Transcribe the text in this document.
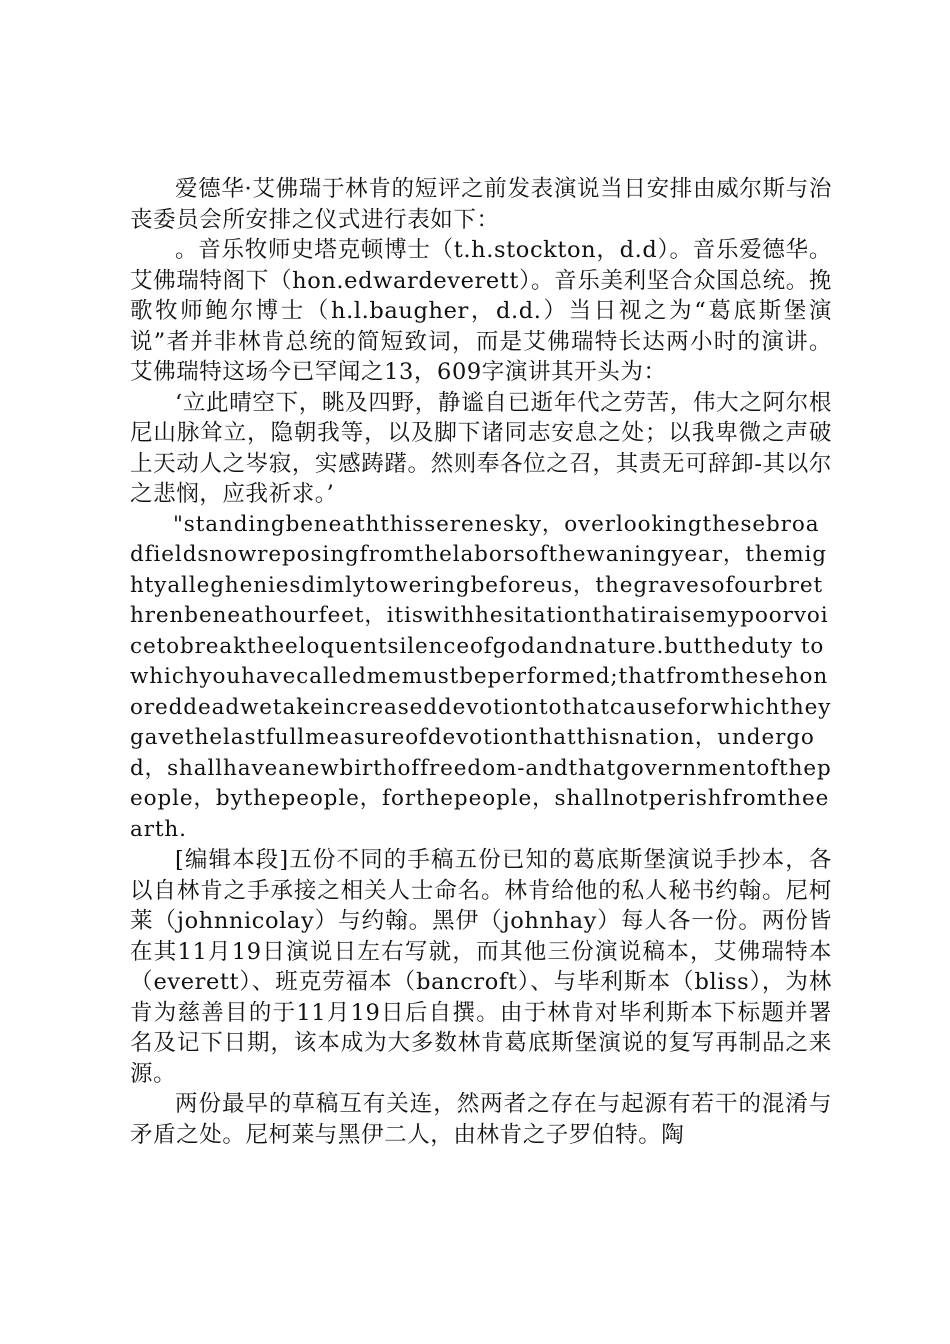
爱德华·艾佛瑞于林肯的短评之前发表演说当日安排由威尔斯与治丧委员会所安排之仪式进行表如下：

。音乐牧师史塔克顿博士（t.h.stockton，d.d）。音乐爱德华。艾佛瑞特阁下（hon.edwardeverett）。音乐美利坚合众国总统。挽歌牧师鲍尔博士（h.l.baugher，d.d.）当日视之为“葛底斯堡演说”者并非林肯总统的简短致词，而是艾佛瑞特长达两小时的演讲。艾佛瑞特这场今已罕闻之13，609字演讲其开头为：

‘立此晴空下，眺及四野，静谧自已逝年代之劳苦，伟大之阿尔根尼山脉耸立，隐朝我等，以及脚下诸同志安息之处；以我卑微之声破上天动人之岑寂，实感踌躇。然则奉各位之召，其责无可辞卸-其以尔之悲悯，应我祈求。’

"standingbeneaththisserenesky，overlookingthesebroadfieldsnowreposingfromthelaborsofthewaningyear，themightyallegheniesdimlytoweringbeforeus，thegravesofourbrethrenbeneathourfeet，itiswithhesitationthatiraisemypoorvoicetobreaktheeloquentsilenceofgodandnature.buttheduty to whichyouhavecalledmemustbeperformed;thatfromthesehonoreddeadwetakeincreaseddevotiontothatcauseforwhichtheygavethelastfullmeasureofdevotionthatthisnation，undergod，shallhaveanewbirthoffreedom-andthatgovernmentofthepeople，bythepeople，forthepeople，shallnotperishfromtheearth.

[编辑本段]五份不同的手稿五份已知的葛底斯堡演说手抄本，各以自林肯之手承接之相关人士命名。林肯给他的私人秘书约翰。尼柯莱（johnnicolay）与约翰。黑伊（johnhay）每人各一份。两份皆在其11月19日演说日左右写就，而其他三份演说稿本，艾佛瑞特本（everett）、班克劳福本（bancroft）、与毕利斯本（bliss），为林肯为慈善目的于11月19日后自撰。由于林肯对毕利斯本下标题并署名及记下日期，该本成为大多数林肯葛底斯堡演说的复写再制品之来源。

两份最早的草稿互有关连，然两者之存在与起源有若干的混淆与矛盾之处。尼柯莱与黑伊二人，由林肯之子罗伯特。陶
